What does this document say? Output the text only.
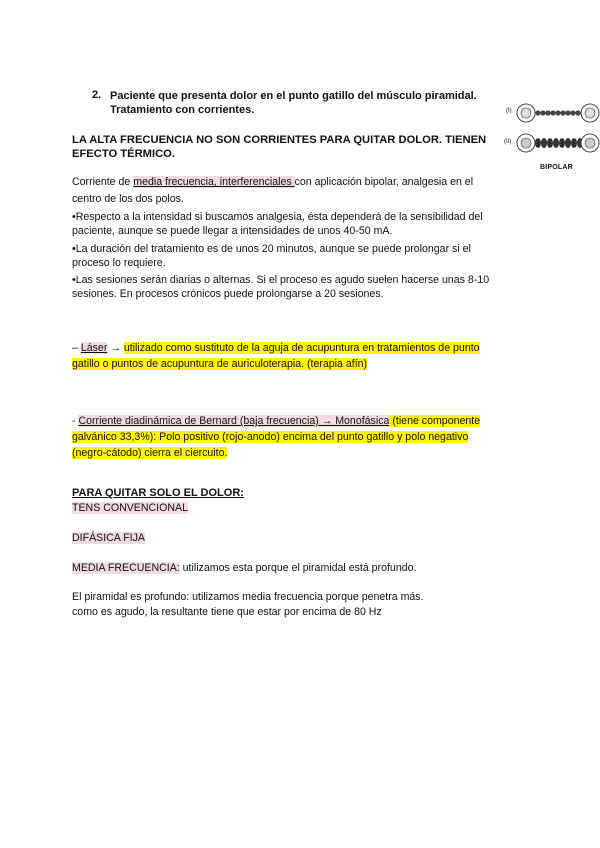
2. Paciente que presenta dolor en el punto gatillo del músculo piramidal.
Tratamiento con corrientes.
LA ALTA FRECUENCIA NO SON CORRIENTES PARA QUITAR DOLOR. TIENEN
EFECTO TÉRMICO.
(I)
(II)
BIPOLAR
Corriente de media frecuencia, interferenciales con aplicación bipolar, analgesia en el
centro de los dos polos.
•Respecto a la intensidad si buscamos analgesia, ésta dependerá de la sensibilidad del
paciente, aunque se puede llegar a intensidades de unos 40-50 mA.
•La duración del tratamiento es de unos 20 minutos, aunque se puede prolongar si el
proceso lo requiere.
•Las sesiones serán diarias o alternas. Si el proceso es agudo suelen hacerse unas 8-10
sesiones. En procesos crónicos puede prolongarse a 20 sesiones.
– Láser → utilizado como sustituto de la aguja de acupuntura en tratamientos de punto
gatillo o puntos de acupuntura de auriculoterapia. (terapia afín)
- Corriente diadinámica de Bernard (baja frecuencia) → Monofásica (tiene componente
galvánico 33,3%): Polo positivo (rojo-anodo) encima del punto gatillo y polo negativo
(negro-cátodo) cierra el ciercuito.
PARA QUITAR SOLO EL DOLOR:
TENS CONVENCIONAL
DIFÁSICA FIJA
MEDIA FRECUENCIA: utilizamos esta porque el piramidal está profundo.
El piramidal es profundo: utilizamos media frecuencia porque penetra más.
como es agudo, la resultante tiene que estar por encima de 80 Hz
